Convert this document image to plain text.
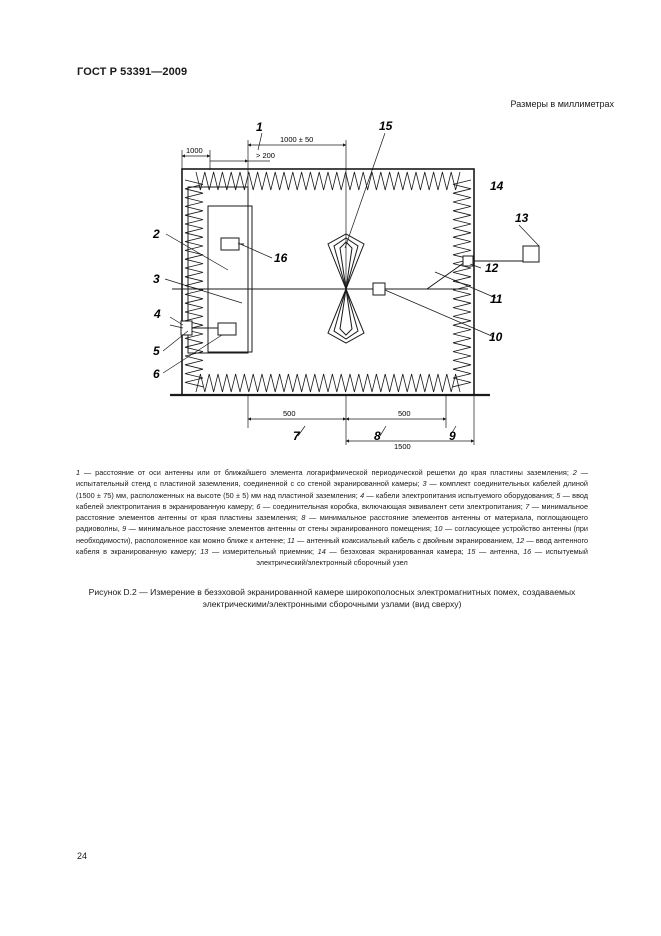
ГОСТ Р 53391—2009
Размеры в миллиметрах
1000
1000 ± 50
> 200
500	500
1500
1
2
3
4
5
6
7	8	9
10
11
12
13
14
15
16
1 — расстояние от оси антенны или от ближайшего элемента логарифмической периодической решетки до края пластины заземления; 2 — испытательный стенд с пластиной заземления, соединенной с со стеной экранированной камеры; 3 — комплект соединительных кабелей длиной (1500 ± 75) мм, расположенных на высоте (50 ± 5) мм над пластиной заземления; 4 — кабели электропитания испытуемого оборудования; 5 — ввод кабелей электропитания в экранированную камеру; 6 — соединительная коробка, включающая эквивалент сети электропитания; 7 — минимальное расстояние элементов антенны от края пластины заземления; 8 — минимальное расстояние элементов антенны от материала, поглощающего радиоволны, 9 — минимальное расстояние элементов антенны от стены экранированного помещения; 10 — согласующее устройство антенны (при необходимости), расположенное как можно ближе к антенне; 11 — антенный коаксиальный кабель с двойным экранированием, 12 — ввод антенного кабеля в экранированную камеру; 13 — измерительный приемник; 14 — безэховая экранированная камера; 15 — антенна, 16 — испытуемый электрический/электронный сборочный узел
Рисунок D.2 — Измерение в безэховой экранированной камере широкополосных электромагнитных помех, создаваемых электрическими/электронными сборочными узлами (вид сверху)
24
